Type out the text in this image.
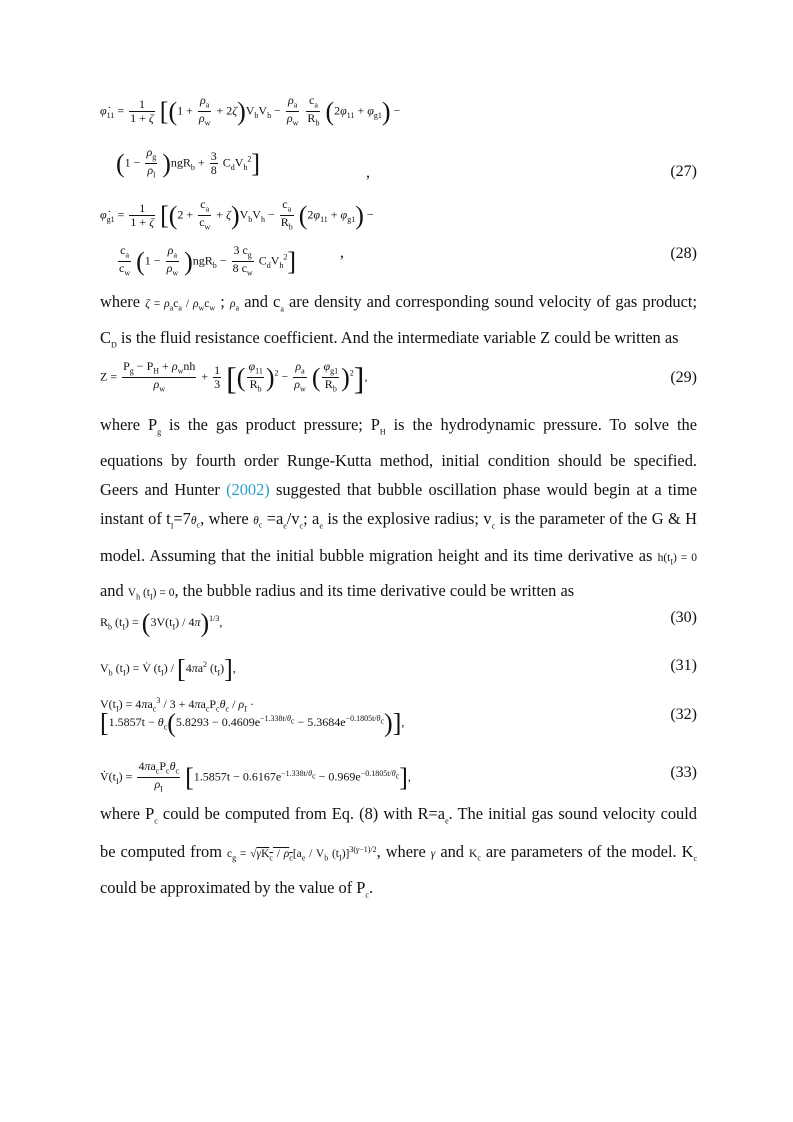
$\varphi̇_{11} = \frac{1}{1 + \zeta} [(1 + \frac{\rho_a}{\rho_w} + 2\zeta)V_bV_h - \frac{\rho_a}{\rho_w}$
$\frac{c_a}{R_b} (2\varphi_{11} + \varphi_{g1})$ −
$(1 - \frac{\rho_g}{\rho_l} )ngR_b + \frac{3}{8} C_dV_h^2$]	,	(27)
$\varphi̇_{g1} = \frac{1}{1 + \zeta} [(2 + \frac{c_a}{c_w} + \zeta)V_bV_h - \frac{c_a}{R_b} (2\varphi_{11} + \varphi_{g1})$ −
$\frac{c_a}{c_w} (1 - \frac{\rho_a}{\rho_w} )ngR_b - \frac{3 c_g}{8 c_w} C_dV_h^2$]	,	(28)

where $\zeta = \rho_ac_a / \rho_wc_w$ ; $\rho_a$ and $c_a$ are density and corresponding sound velocity of gas product; $C_D$ is the fluid resistance coefficient. And the intermediate variable Z could be written as

$Z = \frac{P_g - P_H + \rho_wnh}{\rho_w} + \frac{1}{3}$ [( $\frac{\varphi_{11}}{R_b} )^2 - \frac{\rho_a}{\rho_w}$ ( $\frac{\varphi_{g1}}{R_b} )^2$],	(29)

where $P_g$ is the gas product pressure; $P_H$ is the hydrodynamic pressure. To solve the equations by fourth order Runge-Kutta method, initial condition should be specified. Geers and Hunter (2002) suggested that bubble oscillation phase would begin at a time instant of $t_I=7\theta_c$, where $\theta_c =a_e/v_c$; $a_e$ is the explosive radius; $v_c$ is the parameter of the G & H model. Assuming that the initial bubble migration height and its time derivative as $h(t_I) = 0$ and $V_h$ $(t_I) = 0$, the bubble radius and its time derivative could be written as

$R_b$ $(t_I) = (3V(t_I) / 4\pi)^{1/3}$,	(30)
$V_b$ $(t_I)$ = V̇ $(t_I) / [4\pi a^2$ $(t_I)$],	(31)
$V(t_I) = 4\pi a_c^3 / 3 + 4\pi a_cP_c\theta_c / \rho_I$ ·
$[1.5857t - \theta_c(5.8293 - 0.4609e^{-1.338t/\theta_c} - 5.3684e^{-0.1805t/\theta_c})]$,	(32)
$V̇(t_I) = \frac{4\pi a_cP_c\theta_c}{\rho_I} [1.5857t - 0.6167e^{-1.338t/\theta_c} - 0.969e^{-0.1805t/\theta_c}]$,	(33)

where $P_c$ could be computed from Eq. (8) with $R=a_e$. The initial gas sound velocity could be computed from $c_g = √\gamma K_c / \rho_c[a_e / V_b$ $(t_I)]^{3(\gamma-1)/2}$, where γ and $K_c$ are parameters of the model. $K_c$ could be approximated by the value of $P_c$.
